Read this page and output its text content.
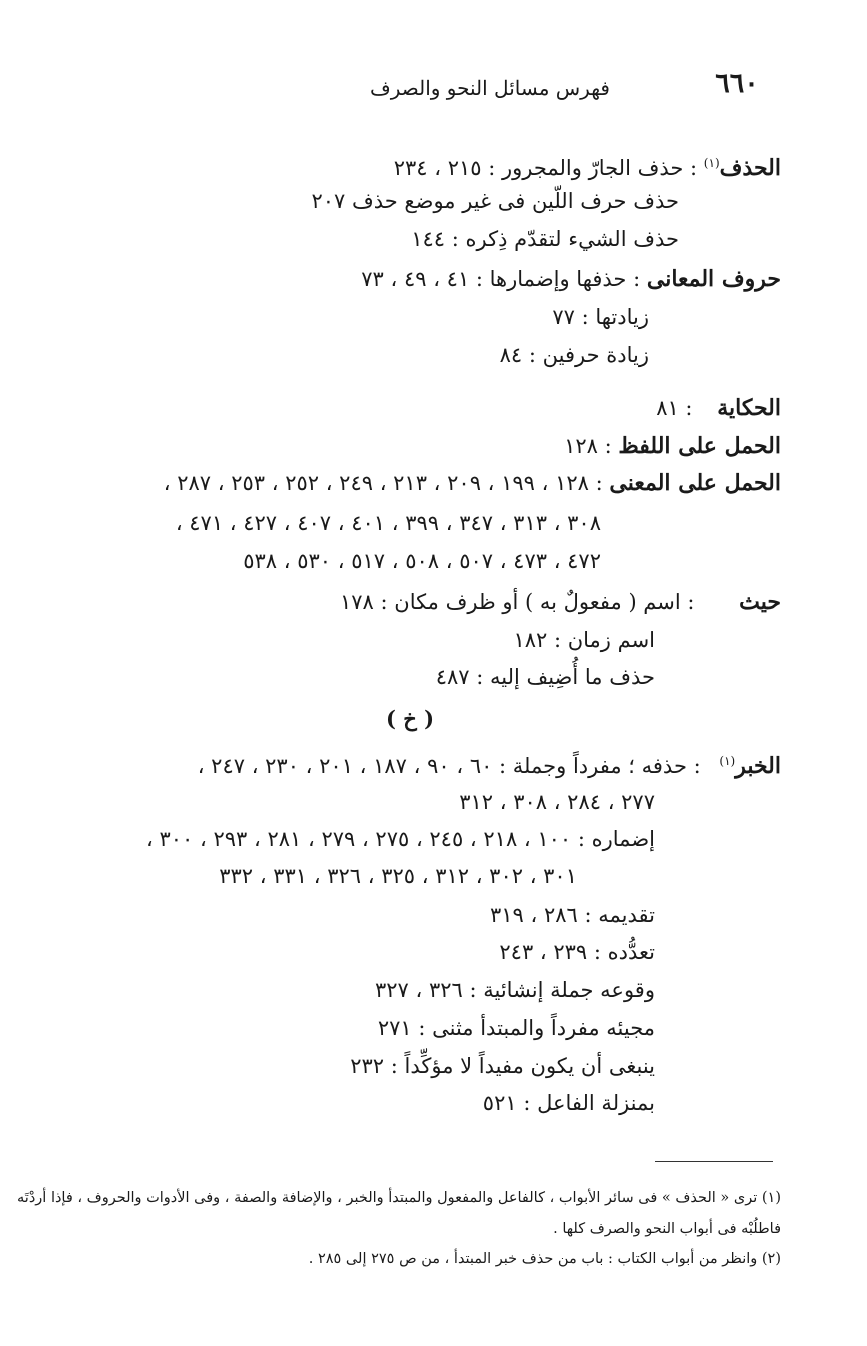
٦٦٠
فهرس مسائل النحو والصرف
الحذف$^{(١)}$ : حذف الجارّ والمجرور : ٢١٥ ، ٢٣٤
حذف حرف اللّين فى غير موضع حذف ٢٠٧
حذف الشيء لتقدّم ذِكره : ١٤٤
حروف المعانى : حذفها وإضمارها : ٤١ ، ٤٩ ، ٧٣
زيادتها : ٧٧
زيادة حرفين : ٨٤
الحكاية : ٨١
الحمل على اللفظ : ١٢٨
الحمل على المعنى : ١٢٨ ، ١٩٩ ، ٢٠٩ ، ٢١٣ ، ٢٤٩ ، ٢٥٢ ، ٢٥٣ ، ٢٨٧ ،
٣٠٨ ، ٣١٣ ، ٣٤٧ ، ٣٩٩ ، ٤٠١ ، ٤٠٧ ، ٤٢٧ ، ٤٧١ ،
٤٧٢ ، ٤٧٣ ، ٥٠٧ ، ٥٠٨ ، ٥١٧ ، ٥٣٠ ، ٥٣٨
حيث : اسم ( مفعولٌ به ) أو ظرف مكان : ١٧٨
اسم زمان : ١٨٢
حذف ما أُضِيف إليه : ٤٨٧
( خ )
الخبر$^{(١)}$ : حذفه ؛ مفرداً وجملة : ٦٠ ، ٩٠ ، ١٨٧ ، ٢٠١ ، ٢٣٠ ، ٢٤٧ ،
٢٧٧ ، ٢٨٤ ، ٣٠٨ ، ٣١٢
إضماره : ١٠٠ ، ٢١٨ ، ٢٤٥ ، ٢٧٥ ، ٢٧٩ ، ٢٨١ ، ٢٩٣ ، ٣٠٠ ،
٣٠١ ، ٣٠٢ ، ٣١٢ ، ٣٢٥ ، ٣٢٦ ، ٣٣١ ، ٣٣٢
تقديمه : ٢٨٦ ، ٣١٩
تعدُّده : ٢٣٩ ، ٢٤٣
وقوعه جملة إنشائية : ٣٢٦ ، ٣٢٧
مجيئه مفرداً والمبتدأ مثنى : ٢٧١
ينبغى أن يكون مفيداً لا مؤكِّداً : ٢٣٢
بمنزلة الفاعل : ٥٢١
(١) ترى « الحذف » فى سائر الأبواب ، كالفاعل والمفعول والمبتدأ والخبر ، والإضافة والصفة ، وفى الأدوات والحروف ، فإذا أردْتَه
فاطلُبْه فى أبواب النحو والصرف كلها .
(٢) وانظر من أبواب الكتاب : باب من حذف خبر المبتدأ ، من ص ٢٧٥ إلى ٢٨٥ .
